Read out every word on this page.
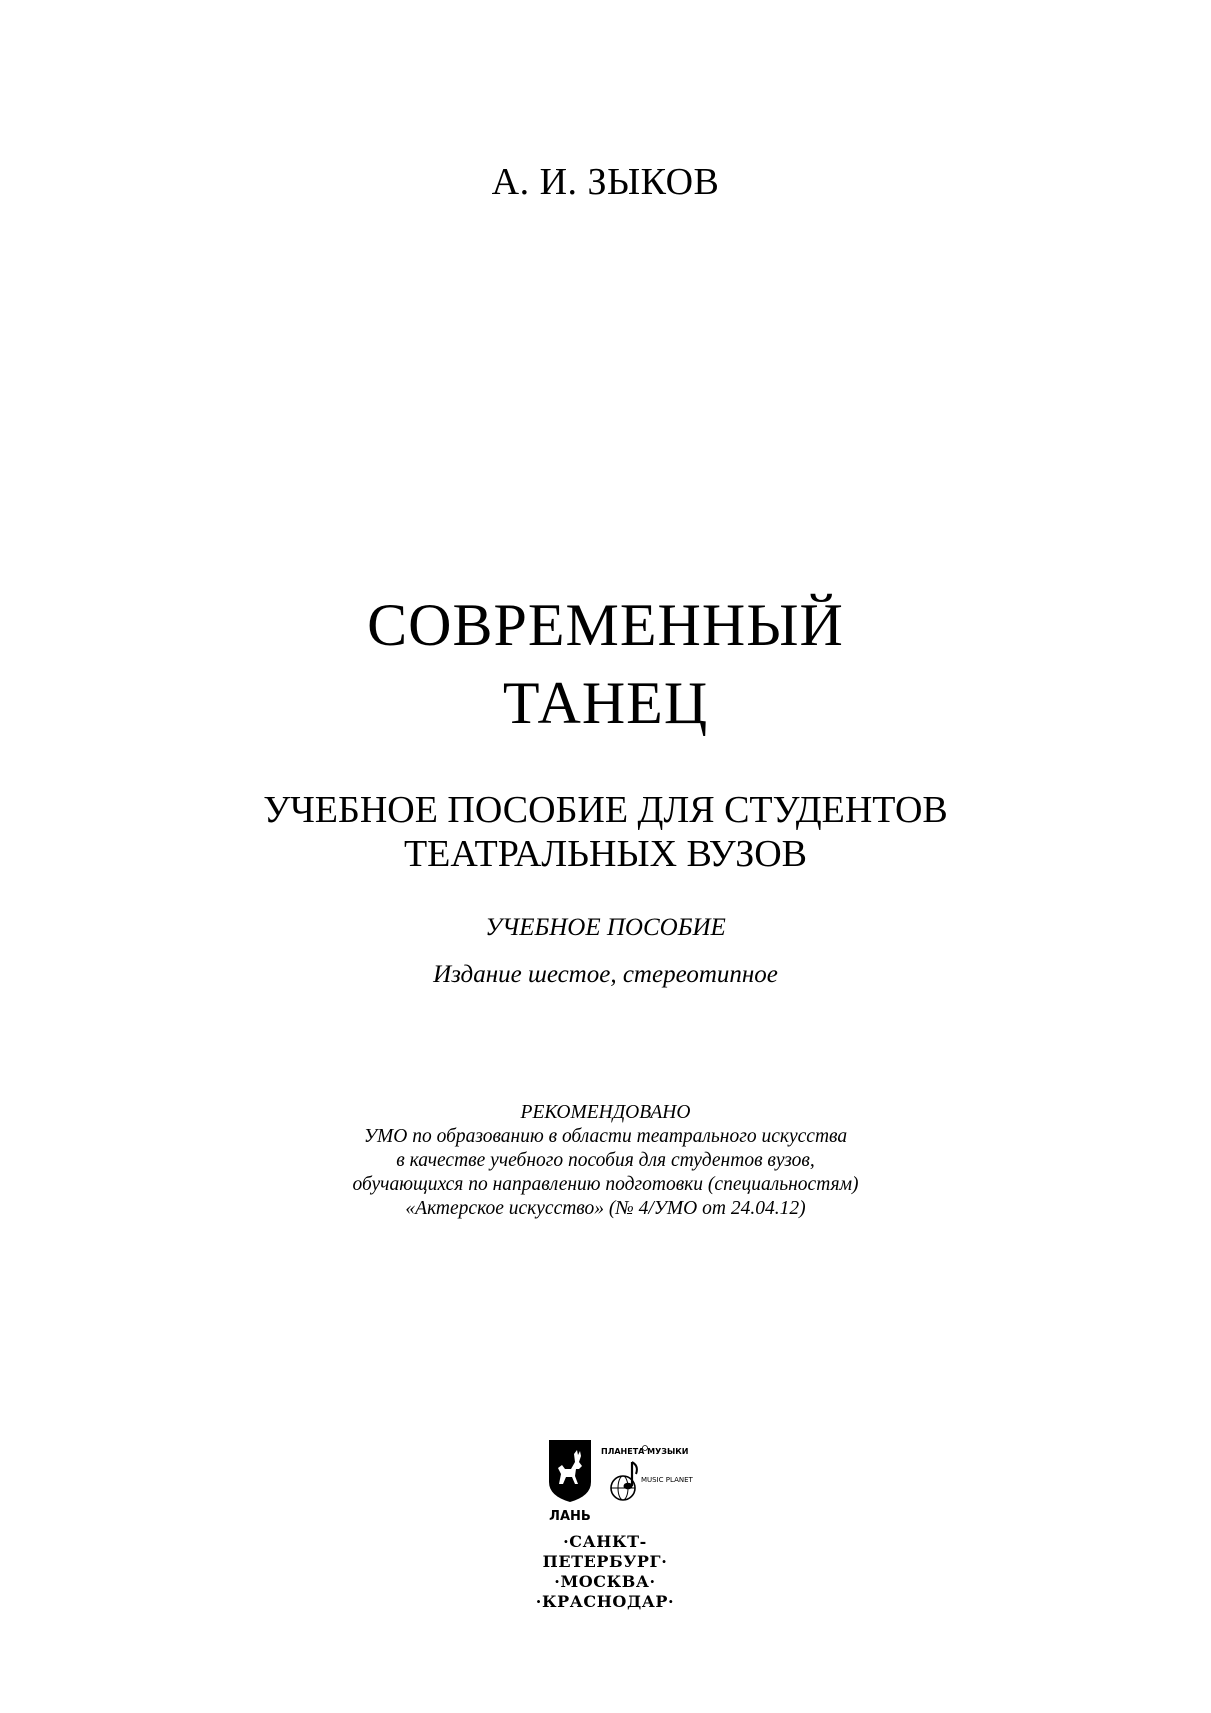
А. И. ЗЫКОВ
СОВРЕМЕННЫЙ
ТАНЕЦ
УЧЕБНОЕ ПОСОБИЕ ДЛЯ СТУДЕНТОВ
ТЕАТРАЛЬНЫХ ВУЗОВ
УЧЕБНОЕ ПОСОБИЕ
Издание шестое, стереотипное
РЕКОМЕНДОВАНО
УМО по образованию в области театрального искусства
в качестве учебного пособия для студентов вузов,
обучающихся по направлению подготовки (специальностям)
«Актерское искусство» (№ 4/УМО от 24.04.12)
ЛАНЬ
ПЛАНЕТА МУЗЫКИ
MUSIC PLANET
·САНКТ-ПЕТЕРБУРГ·
·МОСКВА·
·КРАСНОДАР·
